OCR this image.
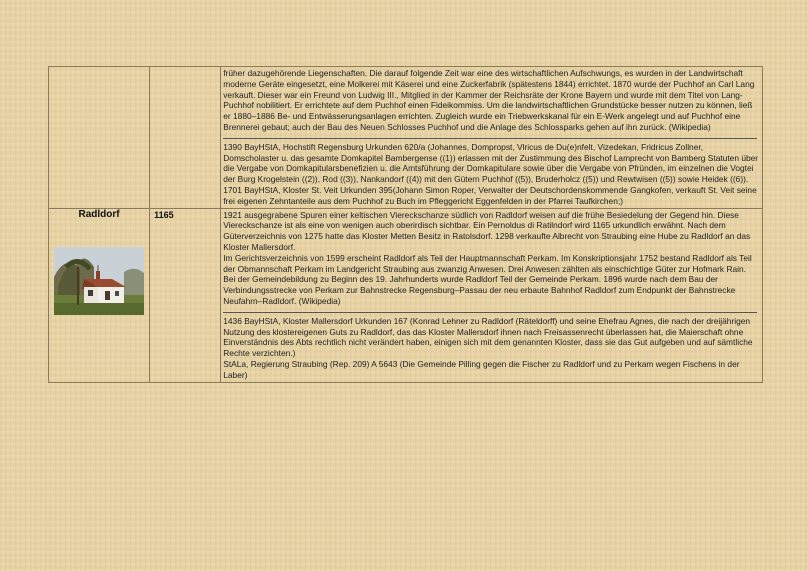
		früher dazugehörende Liegenschaften. Die darauf folgende Zeit war eine des wirtschaftlichen Aufschwungs, es wurden in der Landwirtschaft moderne Geräte eingesetzt, eine Molkerei mit Käserei und eine Zuckerfabrik (spätestens 1844) errichtet. 1870 wurde der Puchhof an Carl Lang verkauft. Dieser war ein Freund von Ludwig III., Mitglied in der Kammer der Reichsräte der Krone Bayern und wurde mit dem Titel von Lang-Puchhof nobilitiert. Er errichtete auf dem Puchhof einen Fideikommiss. Um die landwirtschaftlichen Grundstücke besser nutzen zu können, ließ er 1880–1886 Be- und Entwässerungsanlagen errichten. Zugleich wurde ein Triebwerkskanal für ein E-Werk angelegt und auf Puchhof eine Brennerei gebaut; auch der Bau des Neuen Schlosses Puchhof und die Anlage des Schlossparks gehen auf ihn zurück. (Wikipedia)
1390 BayHStA, Hochstift Regensburg Urkunden 620/a (Johannes, Dompropst, Vlricus de Du(e)nfelt, Vizedekan, Fridricus Zollner, Domscholaster u. das gesamte Domkapitel Bambergense ((1)) erlassen mit der Zustimmung des Bischof Lamprecht von Bamberg Statuten über die Vergabe von Domkapitularsbenefizien u. die Amtsführung der Domkapitulare sowie über die Vergabe von Pfründen, im einzelnen die Vogtei der Burg Krogelstein ((2)), Rod ((3)), Nankandorf ((4)) mit den Gütern Puchhof ((5)), Bruderholcz ((5)) und Rewtwisen ((5)) sowie Heidek ((6)).
1701 BayHStA, Kloster St. Veit Urkunden 395(Johann Simon Roper, Verwalter der Deutschordenskommende Gangkofen, verkauft St. Veit seine frei eigenen Zehntanteile aus dem Puchhof zu Buch im Pfleggericht Eggenfelden in der Pfarrei Taufkirchen;)

Radldorf	1165	1921 ausgegrabene Spuren einer keltischen Viereckschanze südlich von Radldorf weisen auf die frühe Besiedelung der Gegend hin. Diese Viereckschanze ist als eine von wenigen auch oberirdisch sichtbar. Ein Pernoldus di Ratilndorf wird 1165 urkundlich erwähnt. Nach dem Güterverzeichnis von 1275 hatte das Kloster Metten Besitz in Ratolsdorf. 1298 verkaufte Albrecht von Straubing eine Hube zu Radldorf an das Kloster Mallersdorf.
Im Gerichtsverzeichnis von 1599 erscheint Radldorf als Teil der Hauptmannschaft Perkam. Im Konskriptionsjahr 1752 bestand Radldorf als Teil der Obmannschaft Perkam im Landgericht Straubing aus zwanzig Anwesen. Drei Anwesen zählten als einschichtige Güter zur Hofmark Rain. Bei der Gemeindebildung zu Beginn des 19. Jahrhunderts wurde Radldorf Teil der Gemeinde Perkam. 1896 wurde nach dem Bau der Verbindungsstrecke von Perkam zur Bahnstrecke Regensburg–Passau der neu erbaute Bahnhof Radldorf zum Endpunkt der Bahnstrecke Neufahrn–Radldorf. (Wikipedia)
1436 BayHStA, Kloster Mallersdorf Urkunden 167 (Konrad Lehner zu Radldorf (Räteldorff) und seine Ehefrau Agnes, die nach der dreijährigen Nutzung des klostereigenen Guts zu Radldorf, das das Kloster Mallersdorf ihnen nach Freisassenrecht überlassen hat, die Maierschaft ohne Einverständnis des Abts rechtlich nicht verändert haben, einigen sich mit dem genannten Kloster, dass sie das Gut aufgeben und auf sämtliche Rechte verzichten.)
StALa, Regierung Straubing (Rep. 209) A 5643 (Die Gemeinde Pilling gegen die Fischer zu Radldorf und zu Perkam wegen Fischens in der Laber)
